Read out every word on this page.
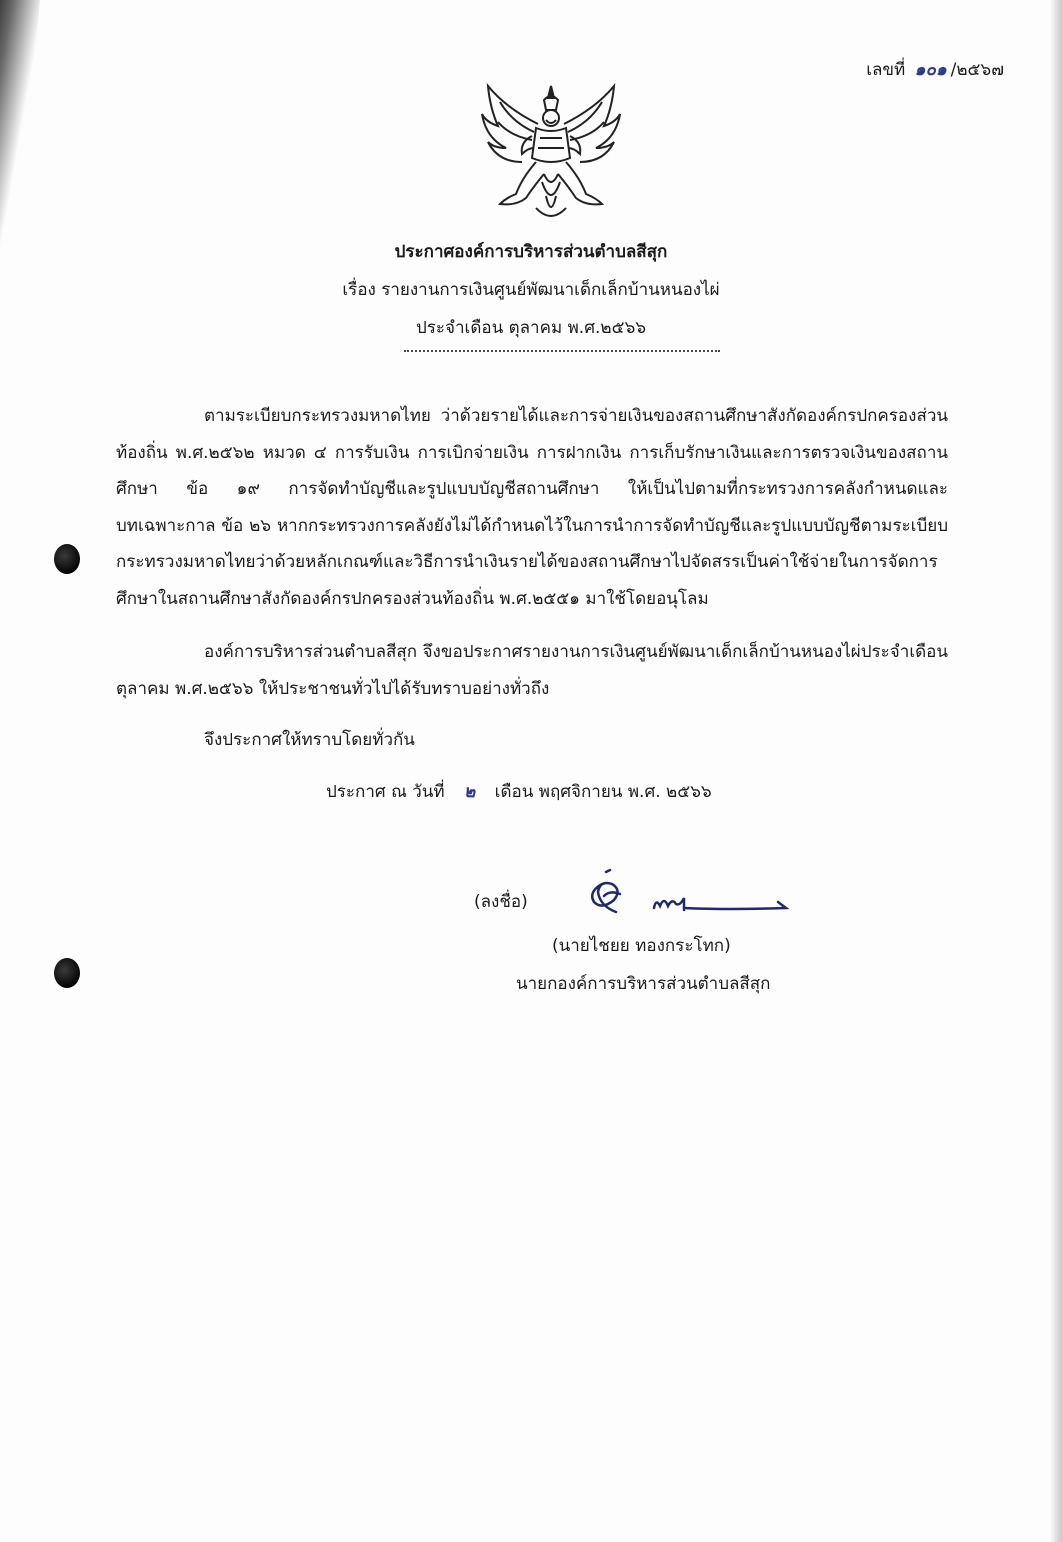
เลขที่ ๑๐๑ /๒๕๖๗
ประกาศองค์การบริหารส่วนตำบลสีสุก
เรื่อง รายงานการเงินศูนย์พัฒนาเด็กเล็กบ้านหนองไผ่
ประจำเดือน ตุลาคม พ.ศ.๒๕๖๖
ตามระเบียบกระทรวงมหาดไทย ว่าด้วยรายได้และการจ่ายเงินของสถานศึกษาสังกัดองค์กรปกครองส่วนท้องถิ่น พ.ศ.๒๕๖๒ หมวด ๔ การรับเงิน การเบิกจ่ายเงิน การฝากเงิน การเก็บรักษาเงินและการตรวจเงินของสถานศึกษา ข้อ ๑๙ การจัดทำบัญชีและรูปแบบบัญชีสถานศึกษา ให้เป็นไปตามที่กระทรวงการคลังกำหนดและบทเฉพาะกาล ข้อ ๒๖ หากกระทรวงการคลังยังไม่ได้กำหนดไว้ในการนำการจัดทำบัญชีและรูปแบบบัญชีตามระเบียบกระทรวงมหาดไทยว่าด้วยหลักเกณฑ์และวิธีการนำเงินรายได้ของสถานศึกษาไปจัดสรรเป็นค่าใช้จ่ายในการจัดการศึกษาในสถานศึกษาสังกัดองค์กรปกครองส่วนท้องถิ่น พ.ศ.๒๕๕๑ มาใช้โดยอนุโลม
องค์การบริหารส่วนตำบลสีสุก จึงขอประกาศรายงานการเงินศูนย์พัฒนาเด็กเล็กบ้านหนองไผ่ประจำเดือน ตุลาคม พ.ศ.๒๕๖๖ ให้ประชาชนทั่วไปได้รับทราบอย่างทั่วถึง
จึงประกาศให้ทราบโดยทั่วกัน
ประกาศ ณ วันที่ ๒ เดือน พฤศจิกายน พ.ศ. ๒๕๖๖
(ลงชื่อ)
(นายไชยย ทองกระโทก)
นายกองค์การบริหารส่วนตำบลสีสุก
